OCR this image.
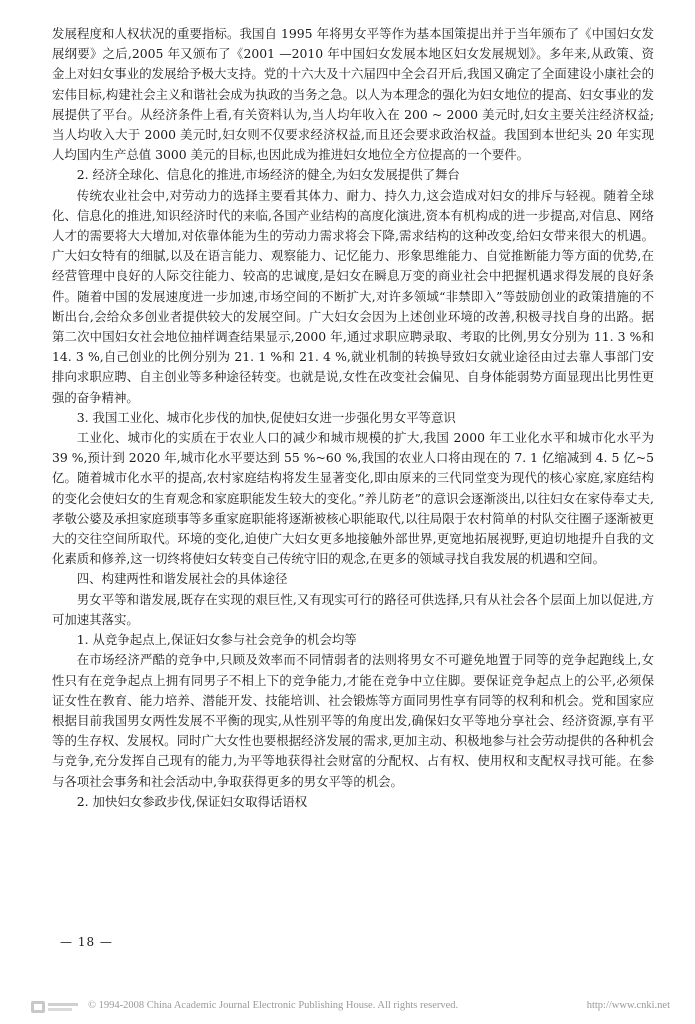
发展程度和人权状况的重要指标。我国自 1995 年将男女平等作为基本国策提出并于当年颁布了《中国妇女发展纲要》之后,2005 年又颁布了《2001 —2010 年中国妇女发展本地区妇女发展规划》。多年来,从政策、资金上对妇女事业的发展给予极大支持。党的十六大及十六届四中全会召开后,我国又确定了全面建设小康社会的宏伟目标,构建社会主义和谐社会成为执政的当务之急。以人为本理念的强化为妇女地位的提高、妇女事业的发展提供了平台。从经济条件上看,有关资料认为,当人均年收入在 200 ~ 2000 美元时,妇女主要关注经济权益;当人均收入大于 2000 美元时,妇女则不仅要求经济权益,而且还会要求政治权益。我国到本世纪头 20 年实现人均国内生产总值 3000 美元的目标,也因此成为推进妇女地位全方位提高的一个要件。

2. 经济全球化、信息化的推进,市场经济的健全,为妇女发展提供了舞台

传统农业社会中,对劳动力的选择主要看其体力、耐力、持久力,这会造成对妇女的排斥与轻视。随着全球化、信息化的推进,知识经济时代的来临,各国产业结构的高度化演进,资本有机构成的进一步提高,对信息、网络人才的需要将大大增加,对依靠体能为生的劳动力需求将会下降,需求结构的这种改变,给妇女带来很大的机遇。广大妇女特有的细腻,以及在语言能力、观察能力、记忆能力、形象思维能力、自觉推断能力等方面的优势,在经营管理中良好的人际交往能力、较高的忠诚度,是妇女在瞬息万变的商业社会中把握机遇求得发展的良好条件。随着中国的发展速度进一步加速,市场空间的不断扩大,对许多领域“非禁即入”等鼓励创业的政策措施的不断出台,会给众多创业者提供较大的发展空间。广大妇女会因为上述创业环境的改善,积极寻找自身的出路。据第二次中国妇女社会地位抽样调查结果显示,2000 年,通过求职应聘录取、考取的比例,男女分别为 11. 3 %和 14. 3 %,自己创业的比例分别为 21. 1 %和 21. 4 %,就业机制的转换导致妇女就业途径由过去靠人事部门安排向求职应聘、自主创业等多种途径转变。也就是说,女性在改变社会偏见、自身体能弱势方面显现出比男性更强的奋争精神。

3. 我国工业化、城市化步伐的加快,促使妇女进一步强化男女平等意识

工业化、城市化的实质在于农业人口的减少和城市规模的扩大,我国 2000 年工业化水平和城市化水平为 39 %,预计到 2020 年,城市化水平要达到 55 %~60 %,我国的农业人口将由现在的 7. 1 亿缩减到 4. 5 亿~5 亿。随着城市化水平的提高,农村家庭结构将发生显著变化,即由原来的三代同堂变为现代的核心家庭,家庭结构的变化会使妇女的生育观念和家庭职能发生较大的变化。”养儿防老”的意识会逐渐淡出,以往妇女在家侍奉丈夫,孝敬公婆及承担家庭琐事等多重家庭职能将逐渐被核心职能取代,以往局限于农村简单的村队交往圈子逐渐被更大的交往空间所取代。环境的变化,迫使广大妇女更多地接触外部世界,更宽地拓展视野,更迫切地提升自我的文化素质和修养,这一切终将使妇女转变自己传统守旧的观念,在更多的领域寻找自我发展的机遇和空间。

四、构建两性和谐发展社会的具体途径

男女平等和谐发展,既存在实现的艰巨性,又有现实可行的路径可供选择,只有从社会各个层面上加以促进,方可加速其落实。

1. 从竞争起点上,保证妇女参与社会竞争的机会均等

在市场经济严酷的竞争中,只顾及效率而不同情弱者的法则将男女不可避免地置于同等的竞争起跑线上,女性只有在竞争起点上拥有同男子不相上下的竞争能力,才能在竞争中立住脚。要保证竞争起点上的公平,必须保证女性在教育、能力培养、潜能开发、技能培训、社会锻炼等方面同男性享有同等的权利和机会。党和国家应根据目前我国男女两性发展不平衡的现实,从性别平等的角度出发,确保妇女平等地分享社会、经济资源,享有平等的生存权、发展权。同时广大女性也要根据经济发展的需求,更加主动、积极地参与社会劳动提供的各种机会与竞争,充分发挥自己现有的能力,为平等地获得社会财富的分配权、占有权、使用权和支配权寻找可能。在参与各项社会事务和社会活动中,争取获得更多的男女平等的机会。

2. 加快妇女参政步伐,保证妇女取得话语权

— 18 —
© 1994-2008 China Academic Journal Electronic Publishing House. All rights reserved.	http://www.cnki.net
